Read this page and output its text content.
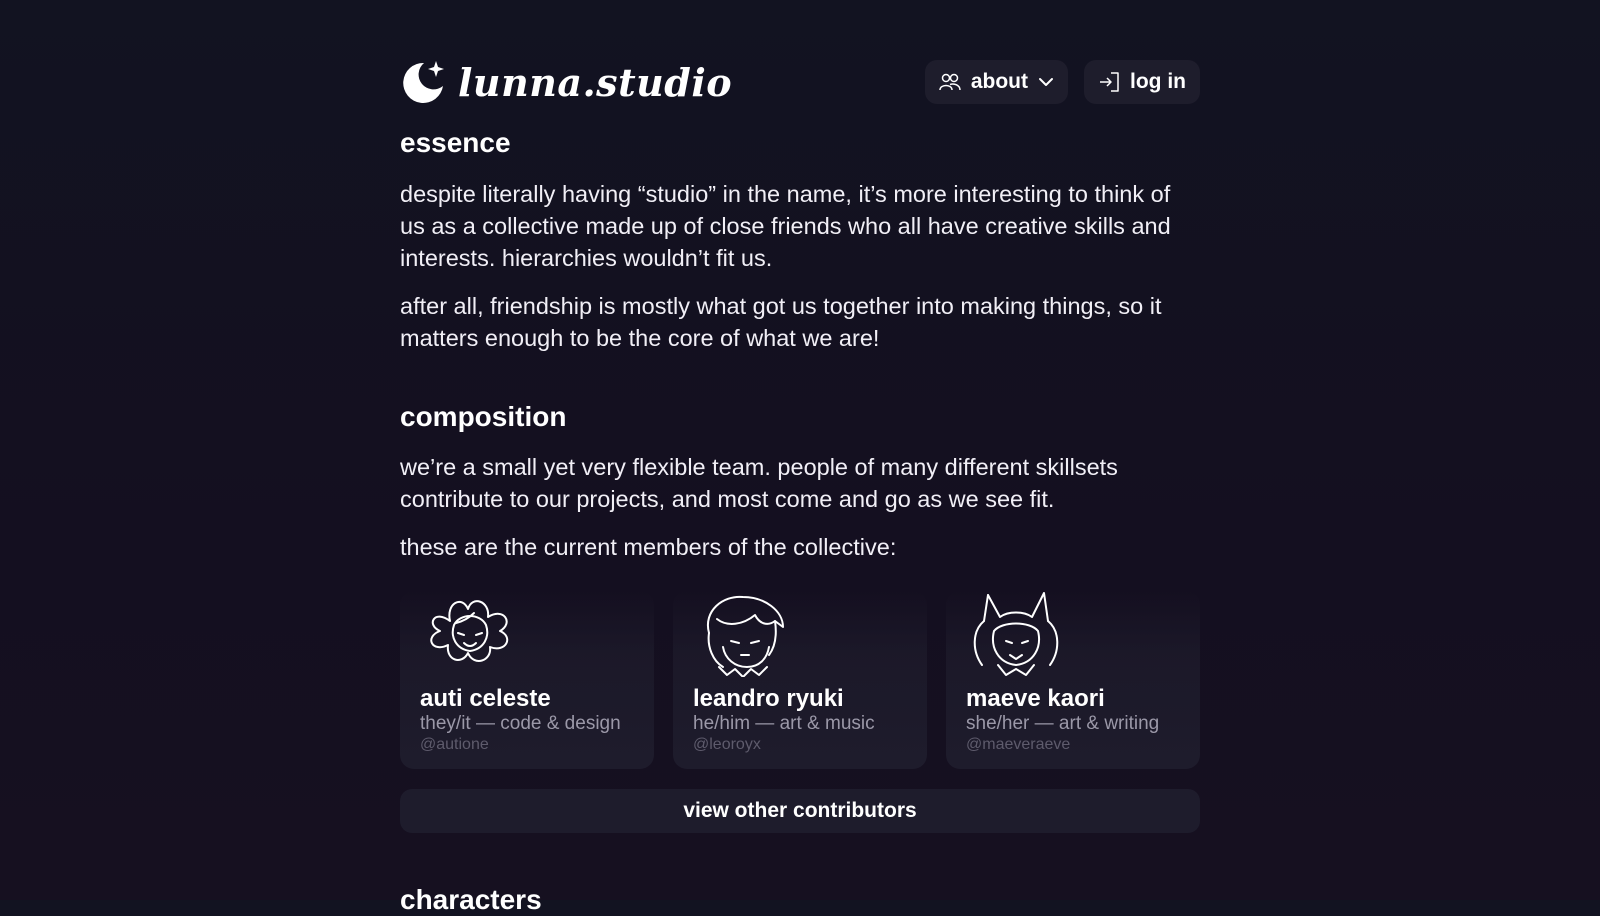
lunna.studio	about	log in
essence

despite literally having “studio” in the name, it’s more interesting to think of us as a collective made up of close friends who all have creative skills and interests. hierarchies wouldn’t fit us.

after all, friendship is mostly what got us together into making things, so it matters enough to be the core of what we are!

composition

we’re a small yet very flexible team. people of many different skillsets contribute to our projects, and most come and go as we see fit.

these are the current members of the collective:

auti celeste
they/it — code & design
@autione
leandro ryuki
he/him — art & music
@leoroyx
maeve kaori
she/her — art & writing
@maeveraeve
view other contributors
characters
